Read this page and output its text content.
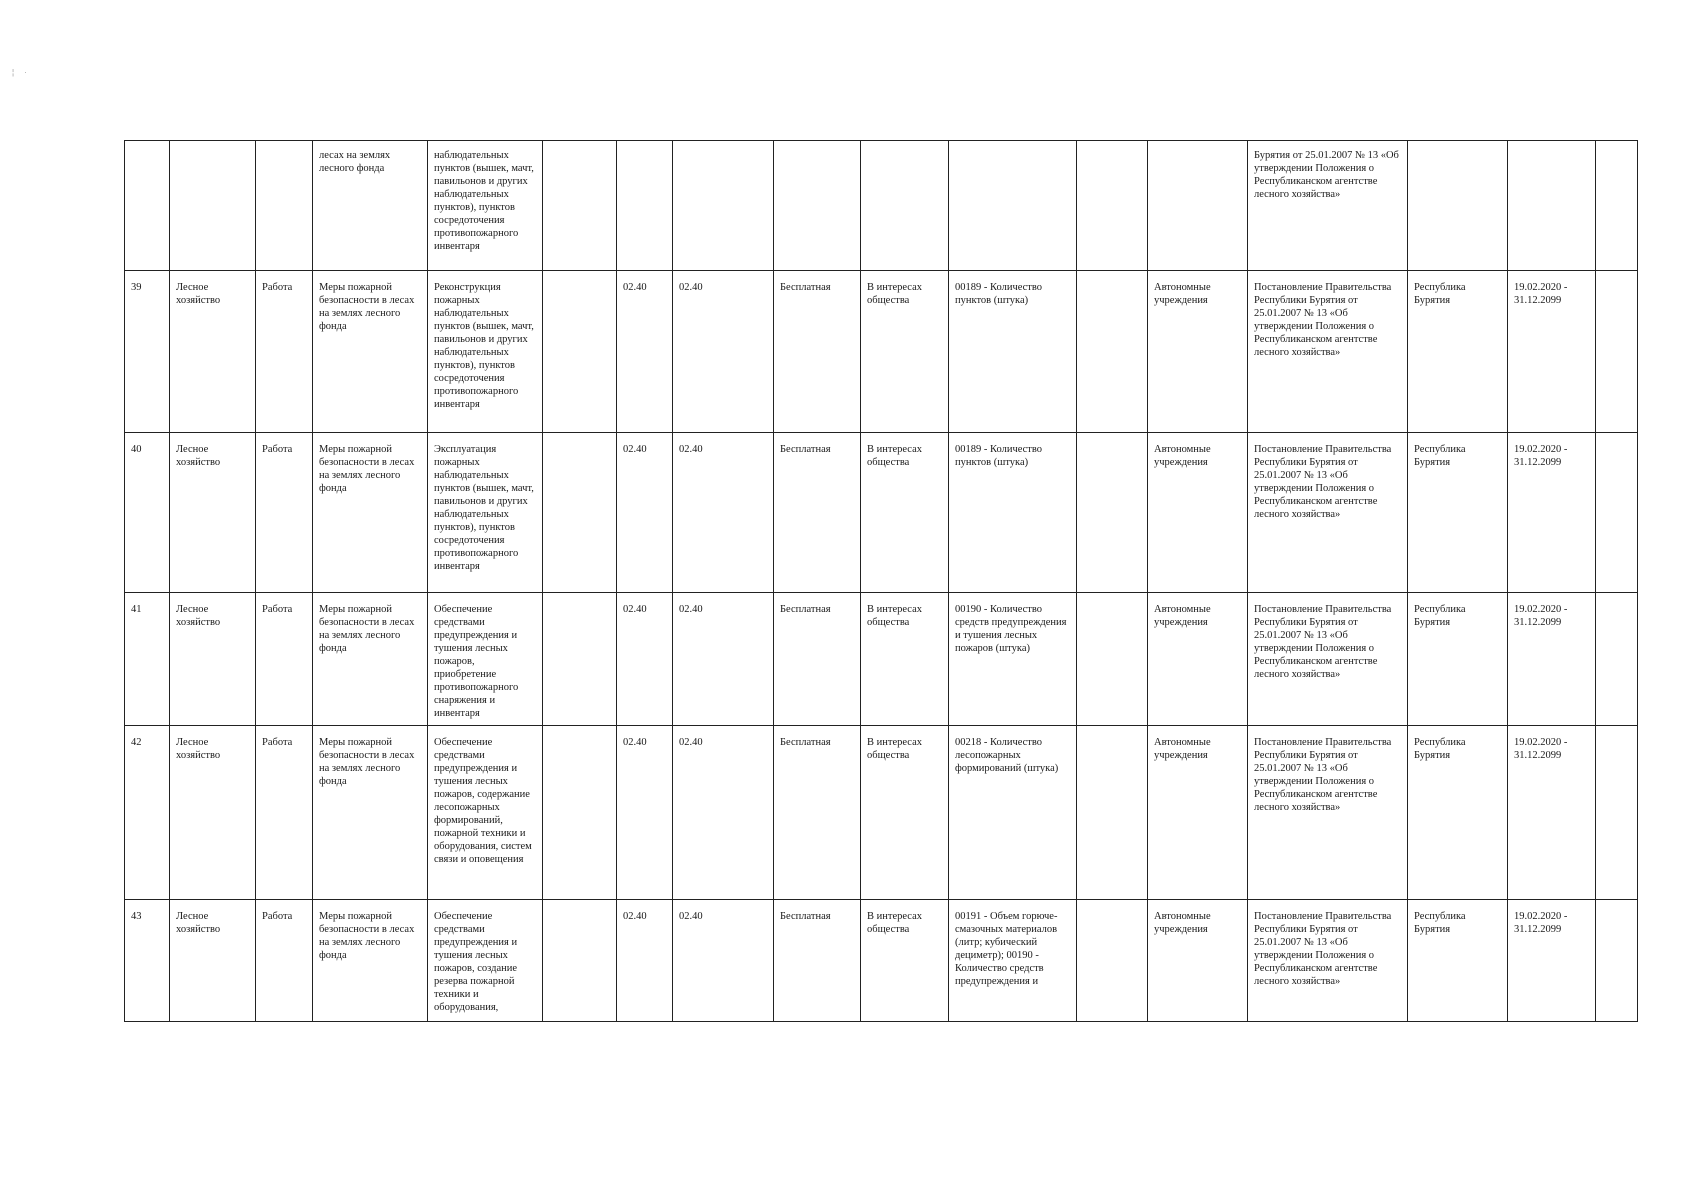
¦ ·
			лесах на землях лесного фонда	наблюдательных пунктов (вышек, мачт, павильонов и других наблюдательных пунктов), пунктов сосредоточения противопожарного инвентаря									Бурятия от 25.01.2007 № 13 «Об утверждении Положения о Республиканском агентстве лесного хозяйства»			
39	Лесное хозяйство	Работа	Меры пожарной безопасности в лесах на землях лесного фонда	Реконструкция пожарных наблюдательных пунктов (вышек, мачт, павильонов и других наблюдательных пунктов), пунктов сосредоточения противопожарного инвентаря		02.40	02.40	Бесплатная	В интересах общества	00189 - Количество пунктов (штука)		Автономные учреждения	Постановление Правительства Республики Бурятия от 25.01.2007 № 13 «Об утверждении Положения о Республиканском агентстве лесного хозяйства»	Республика Бурятия	19.02.2020 - 31.12.2099	
40	Лесное хозяйство	Работа	Меры пожарной безопасности в лесах на землях лесного фонда	Эксплуатация пожарных наблюдательных пунктов (вышек, мачт, павильонов и других наблюдательных пунктов), пунктов сосредоточения противопожарного инвентаря		02.40	02.40	Бесплатная	В интересах общества	00189 - Количество пунктов (штука)		Автономные учреждения	Постановление Правительства Республики Бурятия от 25.01.2007 № 13 «Об утверждении Положения о Республиканском агентстве лесного хозяйства»	Республика Бурятия	19.02.2020 - 31.12.2099	
41	Лесное хозяйство	Работа	Меры пожарной безопасности в лесах на землях лесного фонда	Обеспечение средствами предупреждения и тушения лесных пожаров, приобретение противопожарного снаряжения и инвентаря		02.40	02.40	Бесплатная	В интересах общества	00190 - Количество средств предупреждения и тушения лесных пожаров (штука)		Автономные учреждения	Постановление Правительства Республики Бурятия от 25.01.2007 № 13 «Об утверждении Положения о Республиканском агентстве лесного хозяйства»	Республика Бурятия	19.02.2020 - 31.12.2099	
42	Лесное хозяйство	Работа	Меры пожарной безопасности в лесах на землях лесного фонда	Обеспечение средствами предупреждения и тушения лесных пожаров, содержание лесопожарных формирований, пожарной техники и оборудования, систем связи и оповещения		02.40	02.40	Бесплатная	В интересах общества	00218 - Количество лесопожарных формирований (штука)		Автономные учреждения	Постановление Правительства Республики Бурятия от 25.01.2007 № 13 «Об утверждении Положения о Республиканском агентстве лесного хозяйства»	Республика Бурятия	19.02.2020 - 31.12.2099	
43	Лесное хозяйство	Работа	Меры пожарной безопасности в лесах на землях лесного фонда	Обеспечение средствами предупреждения и тушения лесных пожаров, создание резерва пожарной техники и оборудования,		02.40	02.40	Бесплатная	В интересах общества	00191 - Объем горюче-смазочных материалов (литр; кубический дециметр); 00190 - Количество средств предупреждения и		Автономные учреждения	Постановление Правительства Республики Бурятия от 25.01.2007 № 13 «Об утверждении Положения о Республиканском агентстве лесного хозяйства»	Республика Бурятия	19.02.2020 - 31.12.2099	
